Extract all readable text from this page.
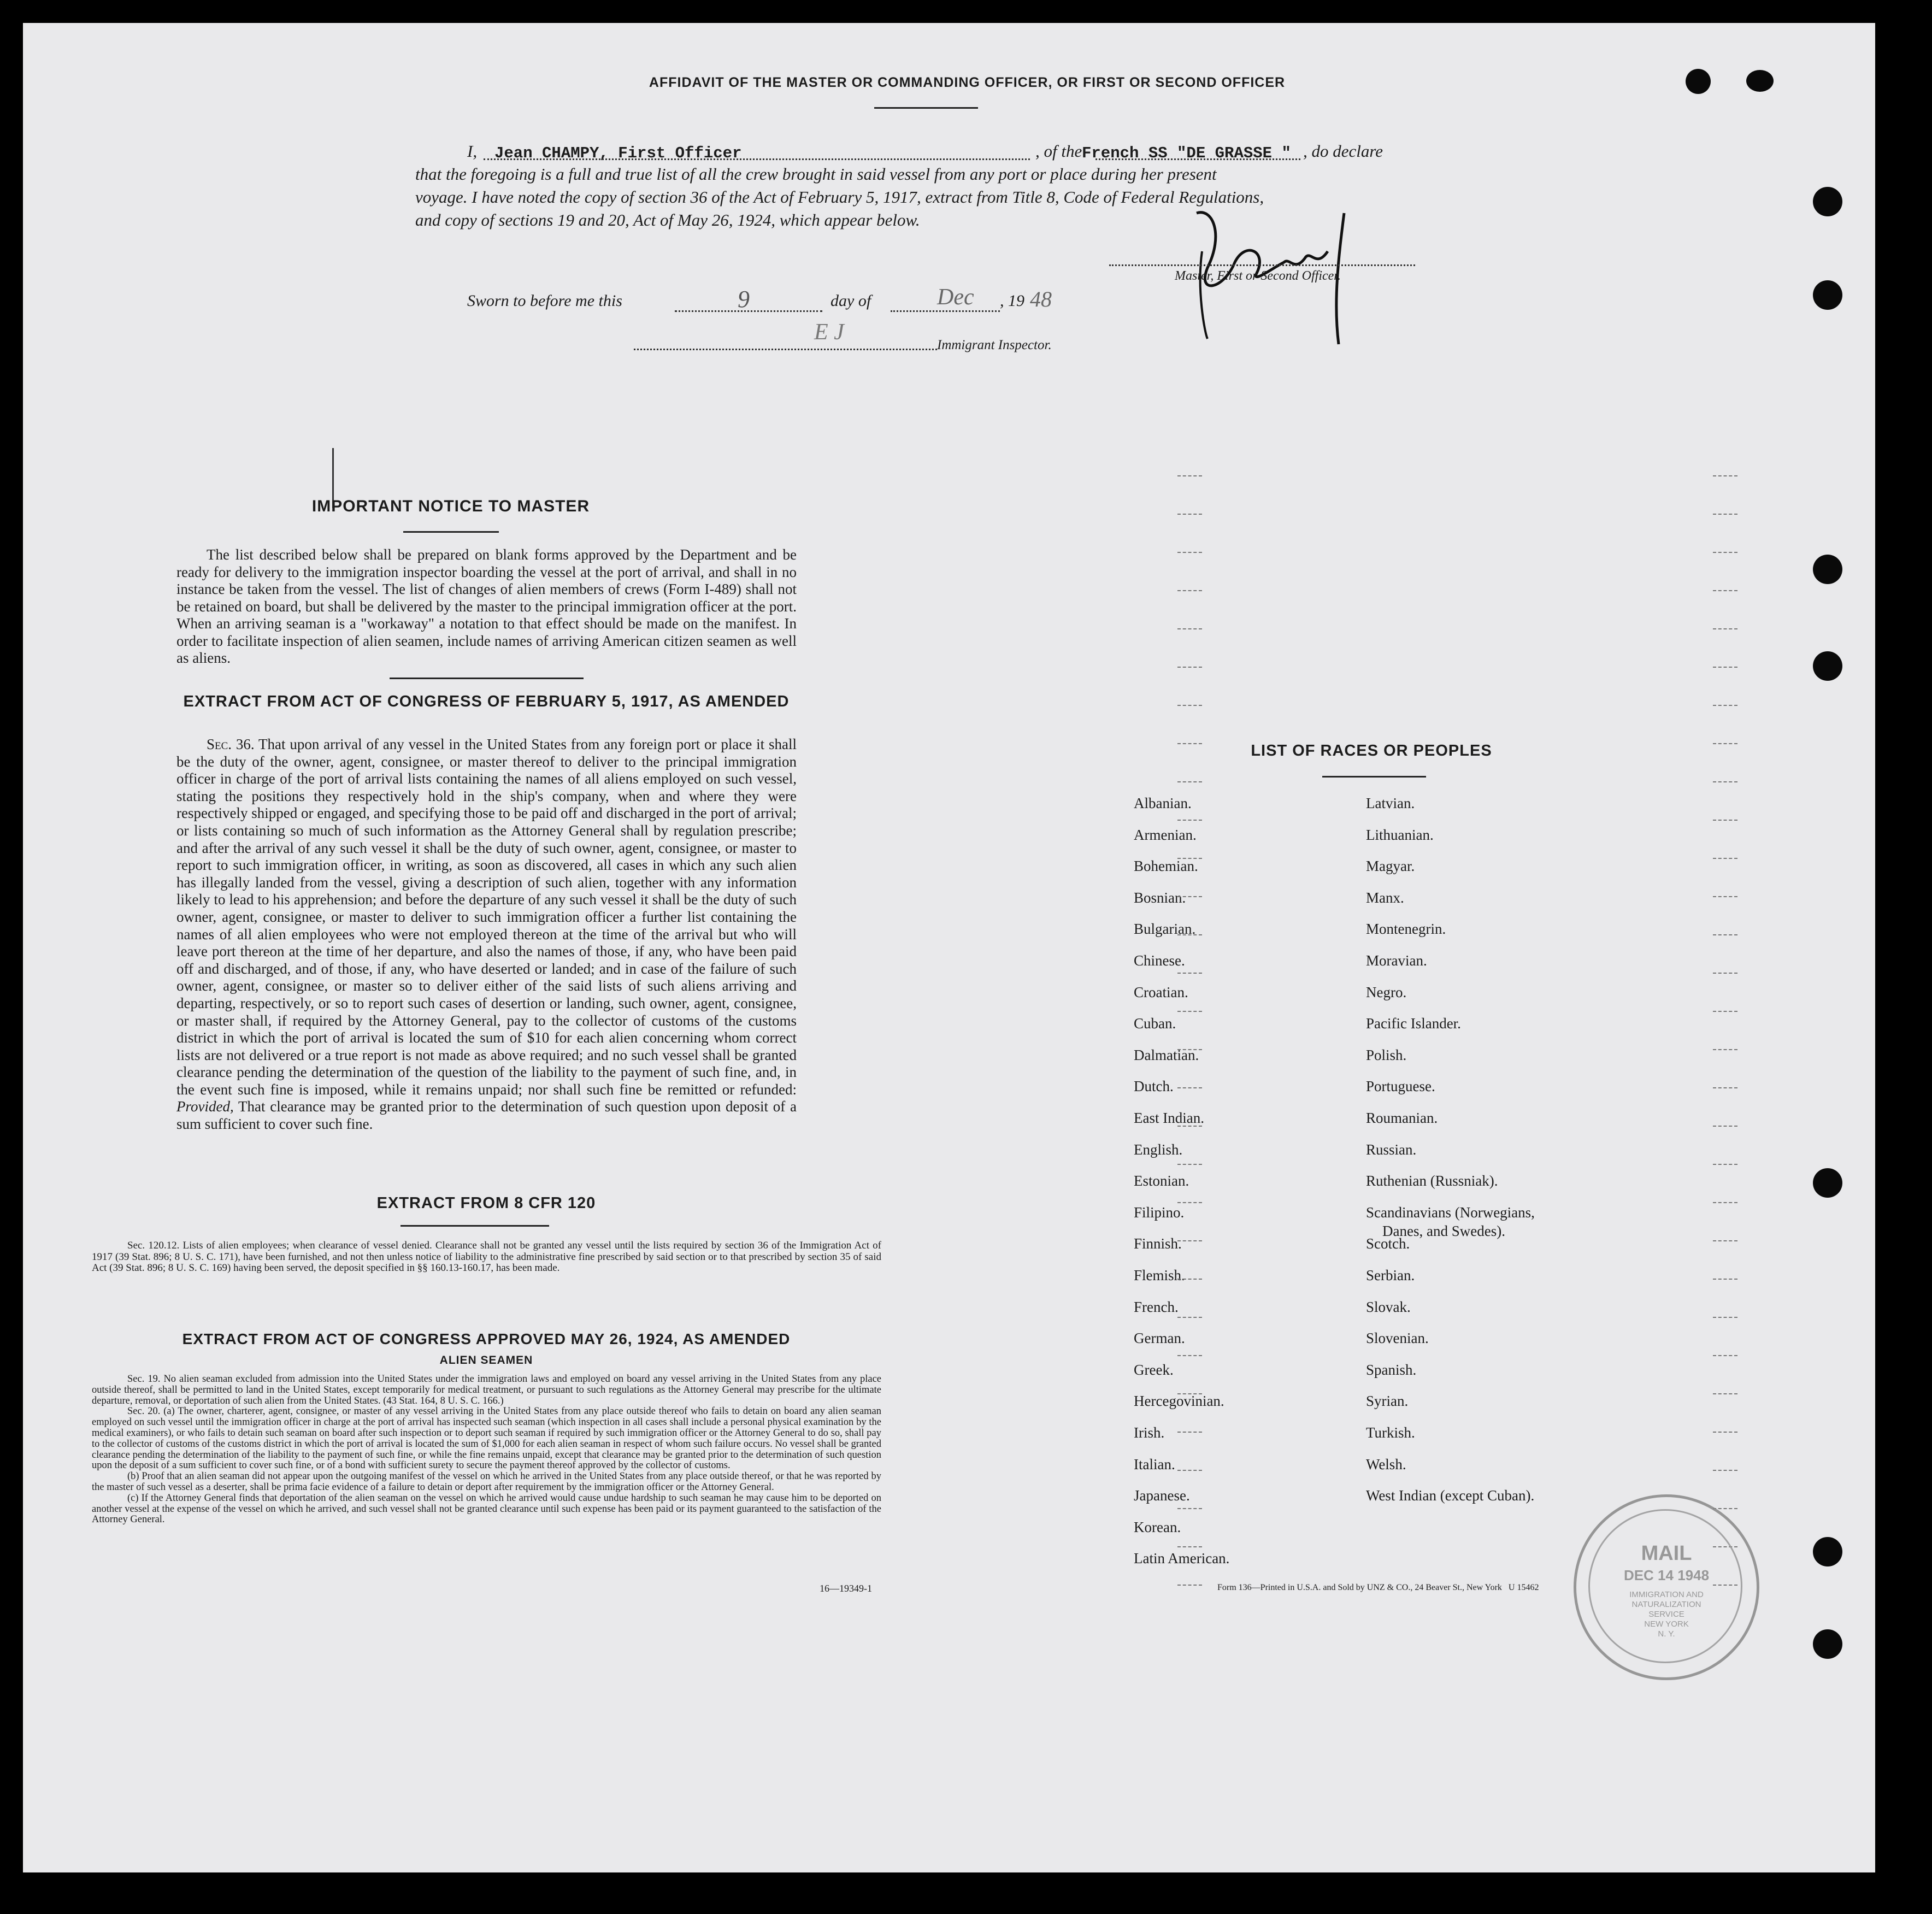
AFFIDAVIT OF THE MASTER OR COMMANDING OFFICER, OR FIRST OR SECOND OFFICER
I, Jean CHAMPY, First Officer	, of the French SS "DE GRASSE " , do declare
that the foregoing is a full and true list of all the crew brought in said vessel from any port or place during her present
voyage. I have noted the copy of section 36 of the Act of February 5, 1917, extract from Title 8, Code of Federal Regulations,
and copy of sections 19 and 20, Act of May 26, 1924, which appear below.
Master, First or Second Officer.
Sworn to before me this	9	day of	Dec , 19 48
E J
Immigrant Inspector.
IMPORTANT NOTICE TO MASTER

The list described below shall be prepared on blank forms approved by the Department and be ready for delivery to the immigration inspector boarding the vessel at the port of arrival, and shall in no instance be taken from the vessel. The list of changes of alien members of crews (Form I-489) shall not be retained on board, but shall be delivered by the master to the principal immigration officer at the port. When an arriving seaman is a "workaway" a notation to that effect should be made on the manifest. In order to facilitate inspection of alien seamen, include names of arriving American citizen seamen as well as aliens.

EXTRACT FROM ACT OF CONGRESS OF FEBRUARY 5, 1917, AS AMENDED
Sec. 36. That upon arrival of any vessel in the United States from any foreign port or place it shall be the duty of the owner, agent, consignee, or master thereof to deliver to the principal immigration officer in charge of the port of arrival lists containing the names of all aliens employed on such vessel, stating the positions they respectively hold in the ship's company, when and where they were respectively shipped or engaged, and specifying those to be paid off and discharged in the port of arrival; or lists containing so much of such information as the Attorney General shall by regulation prescribe; and after the arrival of any such vessel it shall be the duty of such owner, agent, consignee, or master to report to such immigration officer, in writing, as soon as discovered, all cases in which any such alien has illegally landed from the vessel, giving a description of such alien, together with any information likely to lead to his apprehension; and before the departure of any such vessel it shall be the duty of such owner, agent, consignee, or master to deliver to such immigration officer a further list containing the names of all alien employees who were not employed thereon at the time of the arrival but who will leave port thereon at the time of her departure, and also the names of those, if any, who have been paid off and discharged, and of those, if any, who have deserted or landed; and in case of the failure of such owner, agent, consignee, or master so to deliver either of the said lists of such aliens arriving and departing, respectively, or so to report such cases of desertion or landing, such owner, agent, consignee, or master shall, if required by the Attorney General, pay to the collector of customs of the customs district in which the port of arrival is located the sum of $10 for each alien concerning whom correct lists are not delivered or a true report is not made as above required; and no such vessel shall be granted clearance pending the determination of the question of the liability to the payment of such fine, and, in the event such fine is imposed, while it remains unpaid; nor shall such fine be remitted or refunded: Provided, That clearance may be granted prior to the determination of such question upon deposit of a sum sufficient to cover such fine.
EXTRACT FROM 8 CFR 120

Sec. 120.12. Lists of alien employees; when clearance of vessel denied. Clearance shall not be granted any vessel until the lists required by section 36 of the Immigration Act of 1917 (39 Stat. 896; 8 U. S. C. 171), have been furnished, and not then unless notice of liability to the administrative fine prescribed by said section or to that prescribed by section 35 of said Act (39 Stat. 896; 8 U. S. C. 169) having been served, the deposit specified in §§ 160.13-160.17, has been made.

EXTRACT FROM ACT OF CONGRESS APPROVED MAY 26, 1924, AS AMENDED
ALIEN SEAMEN

Sec. 19. No alien seaman excluded from admission into the United States under the immigration laws and employed on board any vessel arriving in the United States from any place outside thereof, shall be permitted to land in the United States, except temporarily for medical treatment, or pursuant to such regulations as the Attorney General may prescribe for the ultimate departure, removal, or deportation of such alien from the United States. (43 Stat. 164, 8 U. S. C. 166.)

Sec. 20. (a) The owner, charterer, agent, consignee, or master of any vessel arriving in the United States from any place outside thereof who fails to detain on board any alien seaman employed on such vessel until the immigration officer in charge at the port of arrival has inspected such seaman (which inspection in all cases shall include a personal physical examination by the medical examiners), or who fails to detain such seaman on board after such inspection or to deport such seaman if required by such immigration officer or the Attorney General to do so, shall pay to the collector of customs of the customs district in which the port of arrival is located the sum of $1,000 for each alien seaman in respect of whom such failure occurs. No vessel shall be granted clearance pending the determination of the liability to the payment of such fine, or while the fine remains unpaid, except that clearance may be granted prior to the determination of such question upon the deposit of a sum sufficient to cover such fine, or of a bond with sufficient surety to secure the payment thereof approved by the collector of customs.

(b) Proof that an alien seaman did not appear upon the outgoing manifest of the vessel on which he arrived in the United States from any place outside thereof, or that he was reported by the master of such vessel as a deserter, shall be prima facie evidence of a failure to detain or deport after requirement by the immigration officer or the Attorney General.

(c) If the Attorney General finds that deportation of the alien seaman on the vessel on which he arrived would cause undue hardship to such seaman he may cause him to be deported on another vessel at the expense of the vessel on which he arrived, and such vessel shall not be granted clearance until such expense has been paid or its payment guaranteed to the satisfaction of the Attorney General.

16—19349-1
LIST OF RACES OR PEOPLES
Albanian.
Armenian.
Bohemian.
Bosnian.
Bulgarian.
Chinese.
Croatian.
Cuban.
Dalmatian.
Dutch.
East Indian.
English.
Estonian.
Filipino.
Finnish.
Flemish.
French.
German.
Greek.
Hercegovinian.
Irish.
Italian.
Japanese.
Korean.
Latin American.
Latvian.
Lithuanian.
Magyar.
Manx.
Montenegrin.
Moravian.
Negro.
Pacific Islander.
Polish.
Portuguese.
Roumanian.
Russian.
Ruthenian (Russniak).
Scandinavians (Norwegians,
Danes, and Swedes).
Scotch.
Serbian.
Slovak.
Slovenian.
Spanish.
Syrian.
Turkish.
Welsh.
West Indian (except Cuban).
Form 136—Printed in U.S.A. and Sold by UNZ & CO., 24 Beaver St., New York U 15462
MAIL
DEC 14 1948
IMMIGRATION AND
NATURALIZATION
SERVICE
NEW YORK
N. Y.
